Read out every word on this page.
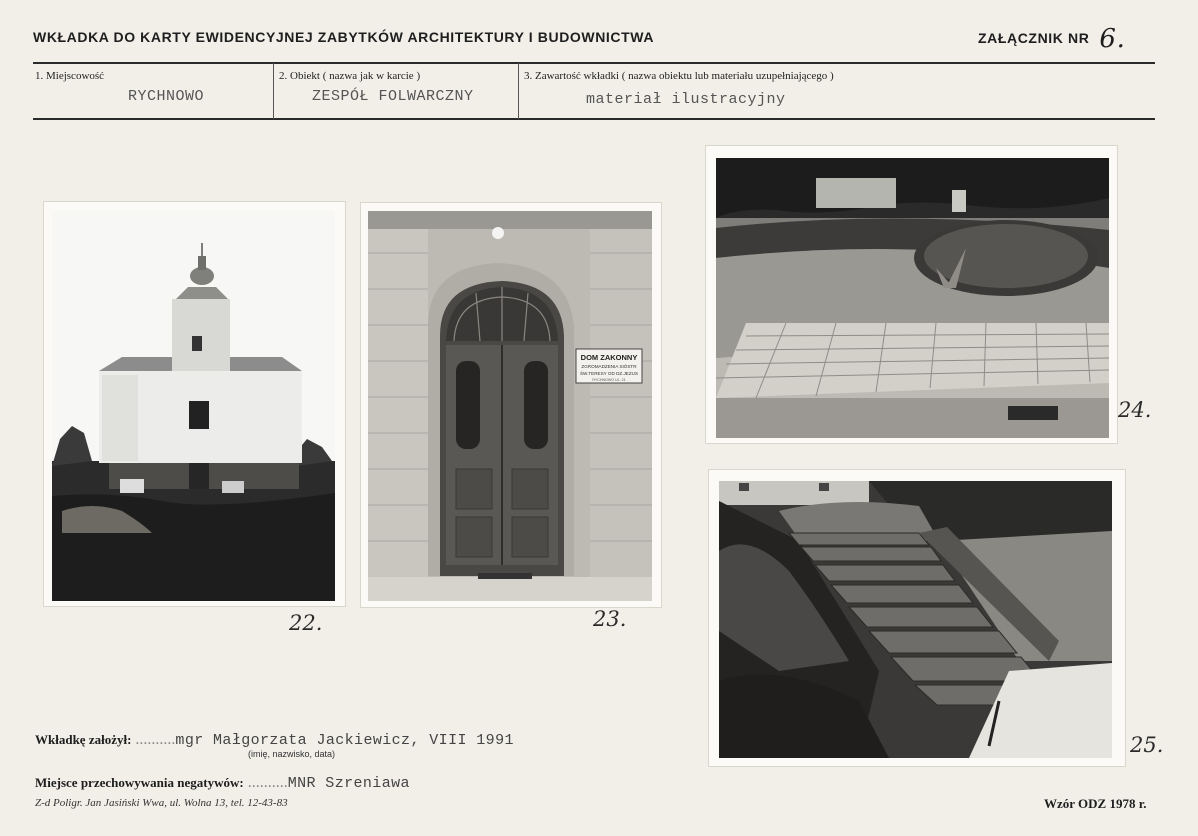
WKŁADKA DO KARTY EWIDENCYJNEJ ZABYTKÓW ARCHITEKTURY I BUDOWNICTWA	ZAŁĄCZNIK NR 6.
1. Miejscowość
RYCHNOWO
2. Obiekt ( nazwa jak w karcie )
ZESPÓŁ FOLWARCZNY
3. Zawartość wkładki ( nazwa obiektu lub materiału uzupełniającego )
materiał ilustracyjny
22.
DOM ZAKONNY
ZGROMADZENIA SIÓSTR
ŚW.TERESY OD DZ.JEZUS
RYCHNOWO UL. 21
23.
24.
25.
Wkładkę założył: ..........mgr Małgorzata Jackiewicz, VIII 1991
(imię, nazwisko, data)
Miejsce przechowywania negatywów: ..........MNR Szreniawa
Z-d Poligr. Jan Jasiński Wwa, ul. Wolna 13, tel. 12-43-83	Wzór ODZ 1978 r.
